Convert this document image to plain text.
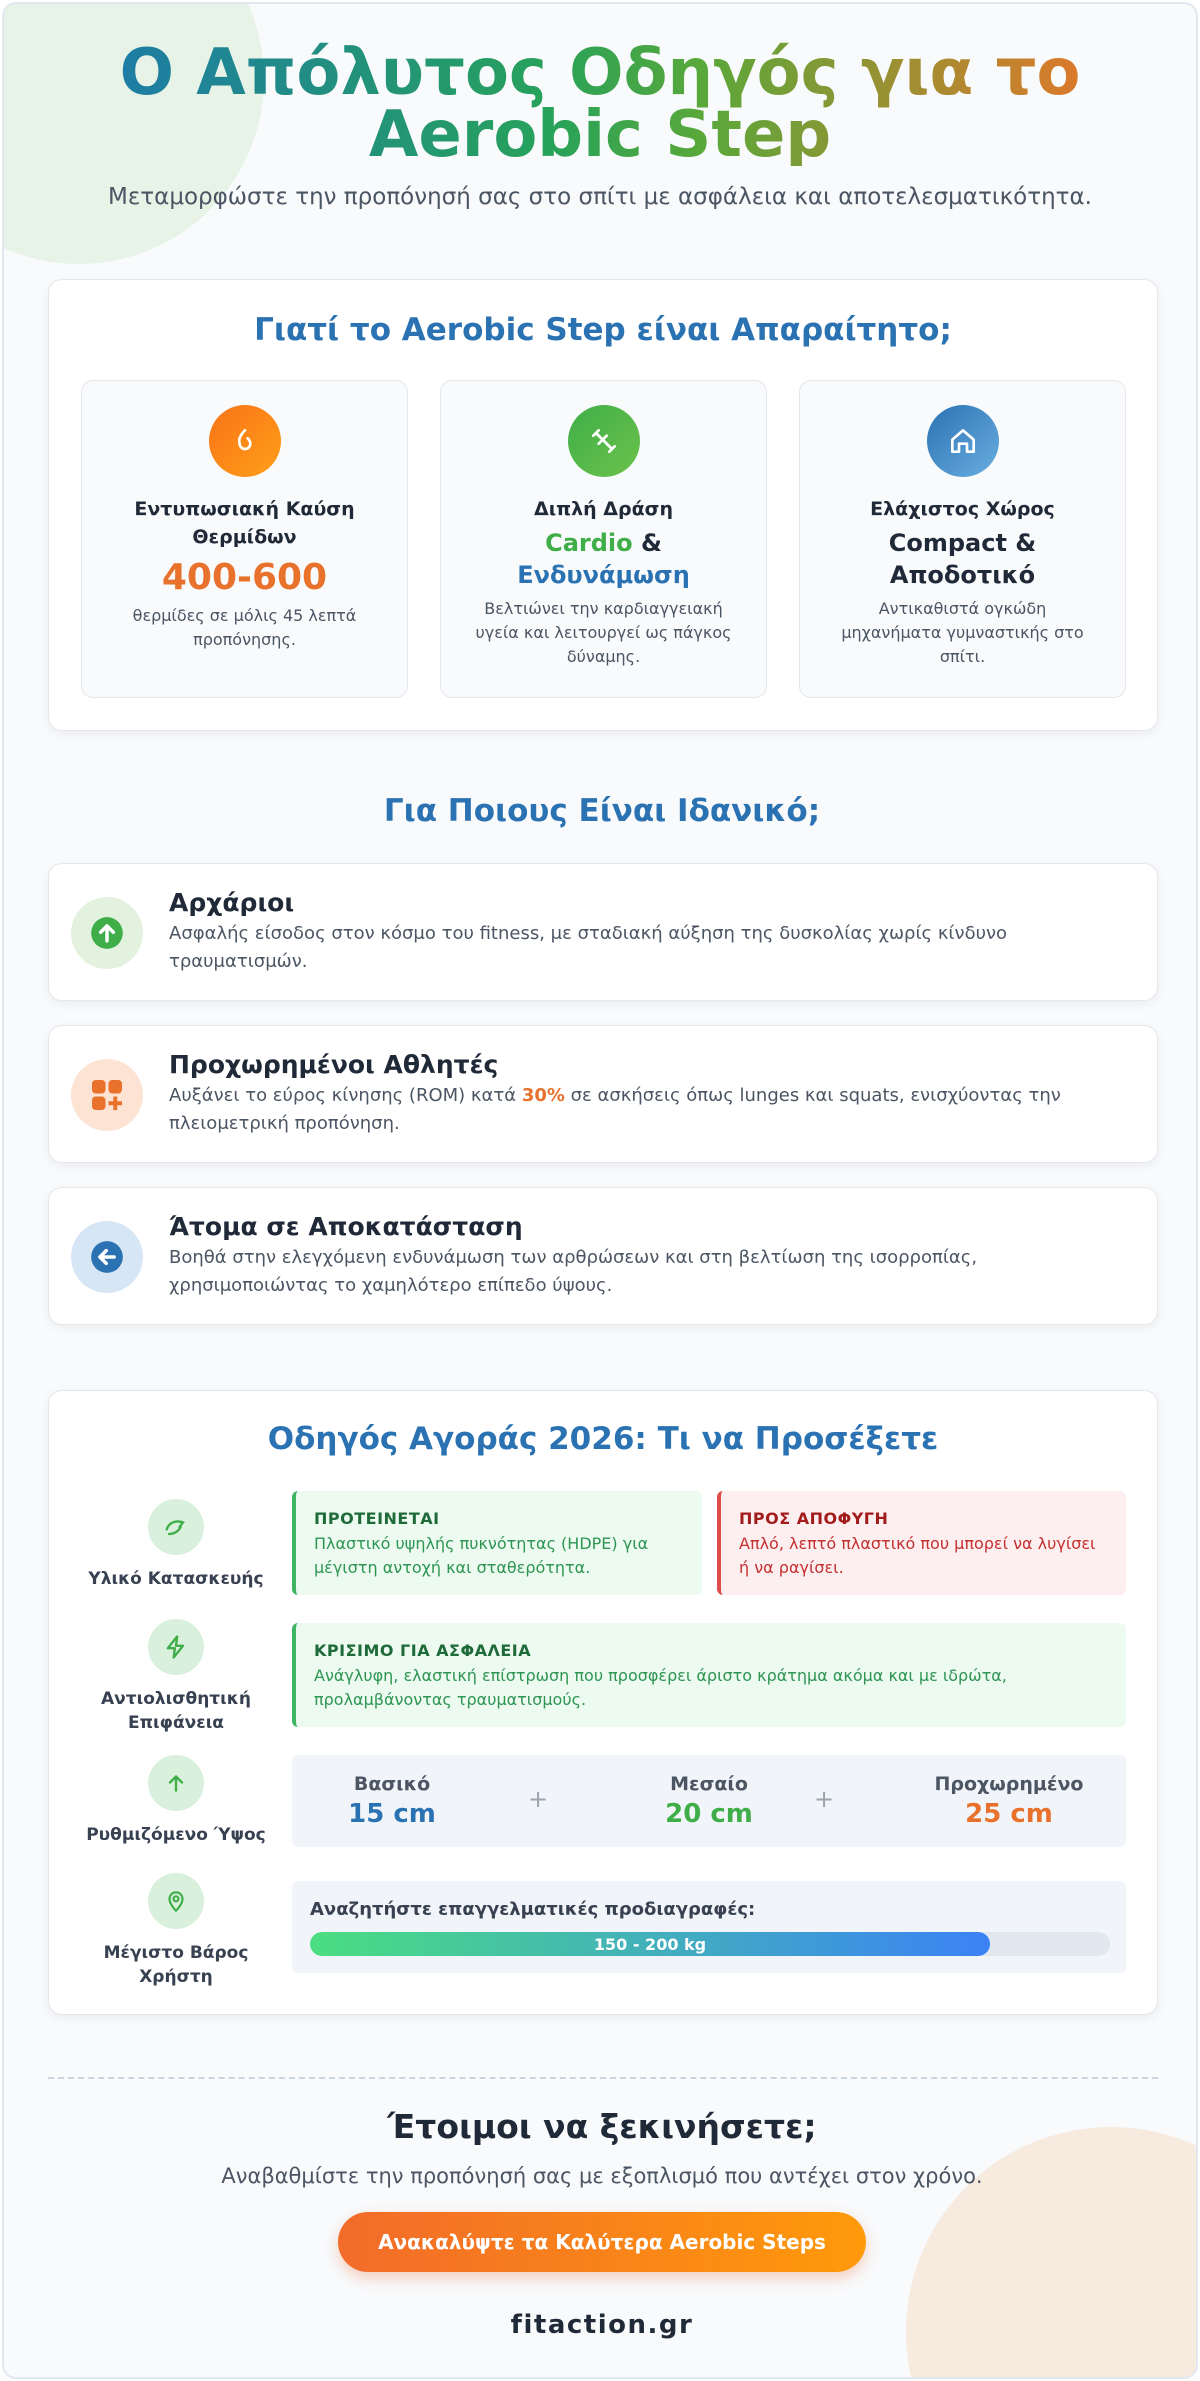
Ο Απόλυτος Οδηγός για το Aerobic Step

Μεταμορφώστε την προπόνησή σας στο σπίτι με ασφάλεια και αποτελεσματικότητα.

Γιατί το Aerobic Step είναι Απαραίτητο;
Εντυπωσιακή Καύση Θερμίδων
400-600
θερμίδες σε μόλις 45 λεπτά προπόνησης.
Διπλή Δράση
Cardio &
Ενδυνάμωση
Βελτιώνει την καρδιαγγειακή υγεία και λειτουργεί ως πάγκος δύναμης.
Ελάχιστος Χώρος
Compact & Αποδοτικό
Αντικαθιστά ογκώδη μηχανήματα γυμναστικής στο σπίτι.
Για Ποιους Είναι Ιδανικό;
Αρχάριοι

Ασφαλής είσοδος στον κόσμο του fitness, με σταδιακή αύξηση της δυσκολίας χωρίς κίνδυνο τραυματισμών.

Προχωρημένοι Αθλητές

Αυξάνει το εύρος κίνησης (ROM) κατά 30% σε ασκήσεις όπως lunges και squats, ενισχύοντας την πλειομετρική προπόνηση.

Άτομα σε Αποκατάσταση

Βοηθά στην ελεγχόμενη ενδυνάμωση των αρθρώσεων και στη βελτίωση της ισορροπίας, χρησιμοποιώντας το χαμηλότερο επίπεδο ύψους.

Οδηγός Αγοράς 2026: Τι να Προσέξετε
Υλικό Κατασκευής
ΠΡΟΤΕΙΝΕΤΑΙ
Πλαστικό υψηλής πυκνότητας (HDPE) για μέγιστη αντοχή και σταθερότητα.
ΠΡΟΣ ΑΠΟΦΥΓΗ
Απλό, λεπτό πλαστικό που μπορεί να λυγίσει ή να ραγίσει.
Αντιολισθητική Επιφάνεια
ΚΡΙΣΙΜΟ ΓΙΑ ΑΣΦΑΛΕΙΑ
Ανάγλυφη, ελαστική επίστρωση που προσφέρει άριστο κράτημα ακόμα και με ιδρώτα, προλαμβάνοντας τραυματισμούς.
Ρυθμιζόμενο Ύψος
Βασικό
15 cm	+
Μεσαίο
20 cm	+
Προχωρημένο
25 cm
Μέγιστο Βάρος Χρήστη
Αναζητήστε επαγγελματικές προδιαγραφές:
150 - 200 kg
Έτοιμοι να ξεκινήσετε;

Αναβαθμίστε την προπόνησή σας με εξοπλισμό που αντέχει στον χρόνο.

Ανακαλύψτε τα Καλύτερα Aerobic Steps
fitaction.gr
